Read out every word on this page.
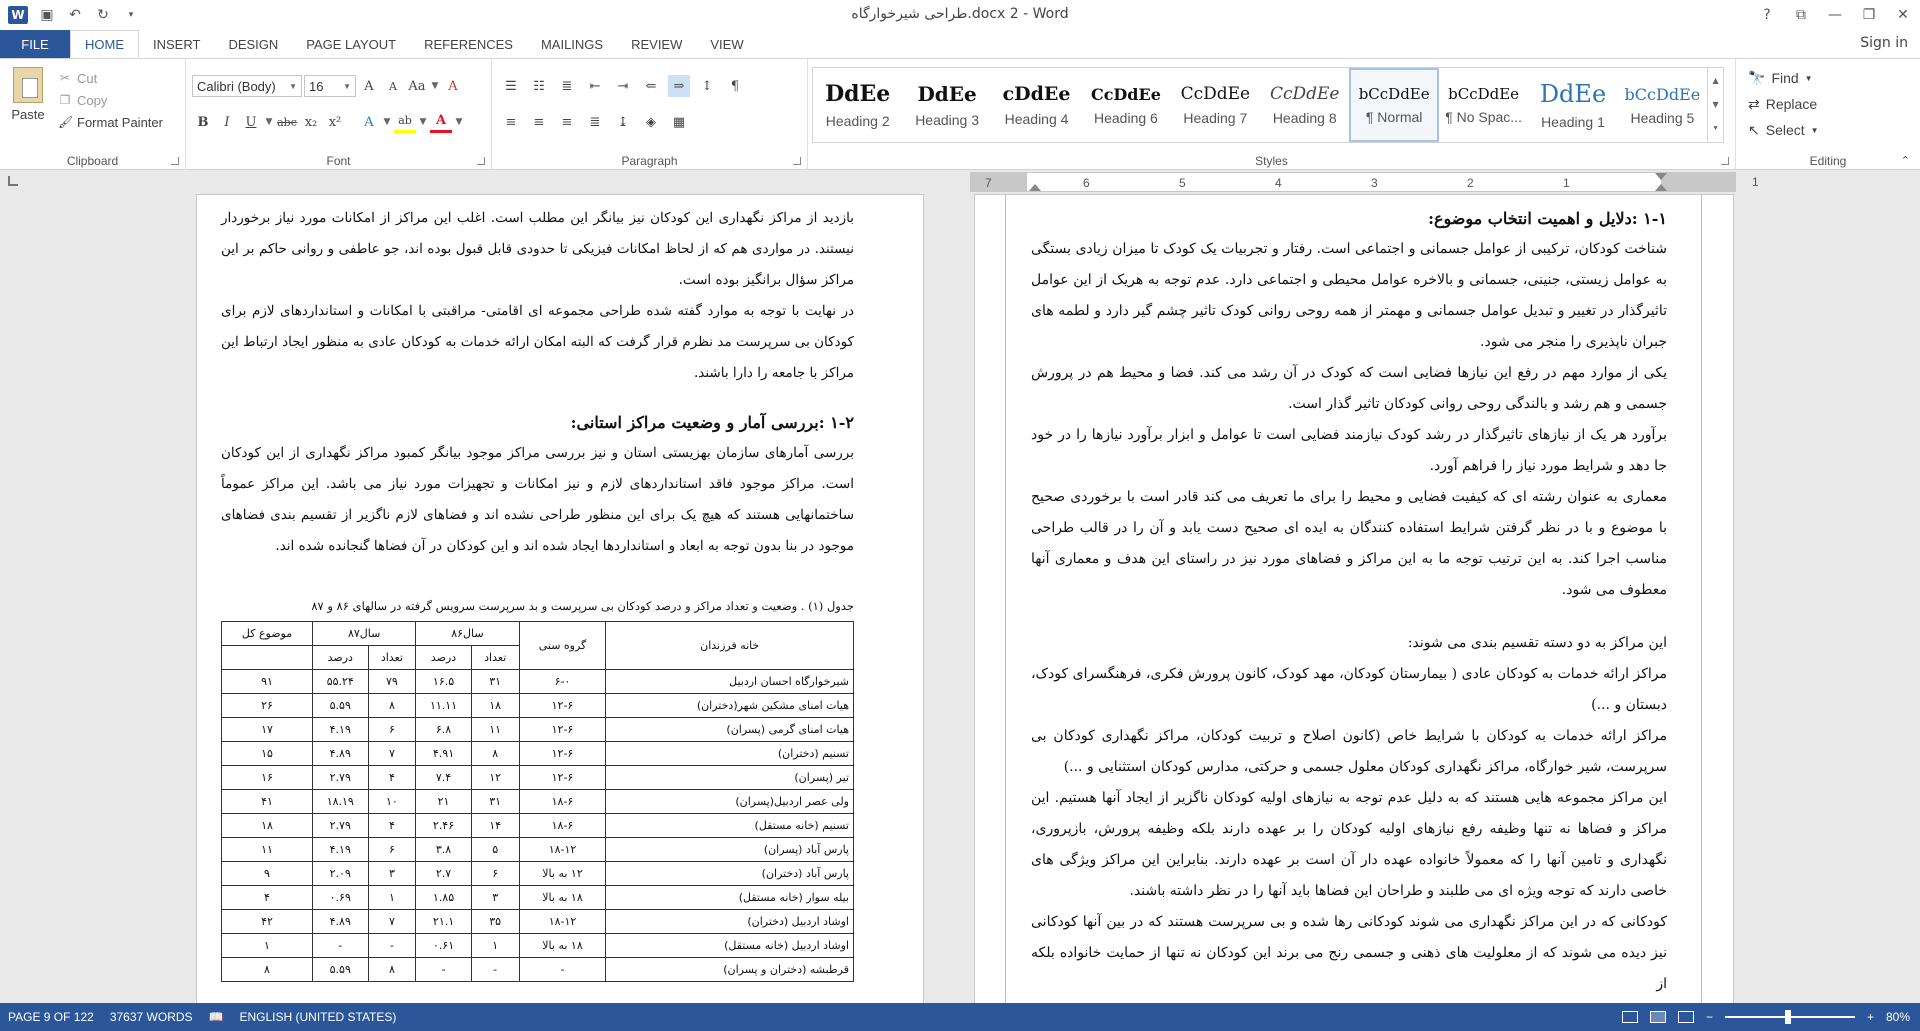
W ▣ ↶ ↻	▾	طراحی شیرخوارگاه.docx 2 - Word	?	⧉	—	❐	✕
FILE	HOME	INSERT	DESIGN	PAGE LAYOUT	REFERENCES	MAILINGS	REVIEW	VIEW	Sign in
Paste
✂ Cut
❐ Copy
🖌 Format Painter
Clipboard
Calibri (Body) ▼ 16 ▼	A	A Aa ▼ A
B	I	U	▼ abc x₂ x²	A	▼ ab ▼ A	▼
Font
☰	☷	≣	⇤	⇥	⇐	⇒	↕	¶
≡	≡	≡	≣	↨	◈	▦
Paragraph
DdEe
Heading 2
DdEe
Heading 3
cDdEe
Heading 4
CcDdEe
Heading 6
CcDdEe
Heading 7
CcDdEe
Heading 8
bCcDdEe
¶ Normal
bCcDdEe
¶ No Spac...
DdEe
Heading 1
bCcDdEe
Heading 5
▲
▼
⯆
Styles
🔭 Find ▼
⇄ Replace
↖ Select ▼
Editing	⌃
7	6	5	4	3	2	1	1

بازدید از مراکز نگهداری این کودکان نیز بیانگر این مطلب است. اغلب این مراکز از امکانات مورد نیاز برخوردار نیستند. در مواردی هم که از لحاظ امکانات فیزیکی تا حدودی قابل قبول بوده اند، جو عاطفی و روانی حاکم بر این مراکز سؤال برانگیز بوده است.

در نهایت با توجه به موارد گفته شده طراحی مجموعه ای اقامتی- مراقبتی با امکانات و استانداردهای لازم برای کودکان بی سرپرست مد نظرم قرار گرفت که البته امکان ارائه خدمات به کودکان عادی به منظور ایجاد ارتباط این مراکز با جامعه را دارا باشند.

۱-۲ :بررسی آمار و وضعیت مراکز استانی:

بررسی آمارهای سازمان بهزیستی استان و نیز بررسی مراکز موجود بیانگر کمبود مراکز نگهداری از این کودکان است. مراکز موجود فاقد استانداردهای لازم و نیز امکانات و تجهیزات مورد نیاز می باشد. این مراکز عموماً ساختمانهایی هستند که هیچ یک برای این منظور طراحی نشده اند و فضاهای لازم ناگزیر از تقسیم بندی فضاهای موجود در بنا بدون توجه به ابعاد و استانداردها ایجاد شده اند و این کودکان در آن فضاها گنجانده شده اند.

جدول (۱) . وضعیت و تعداد مراکز و درصد کودکان بی سرپرست و بد سرپرست سرویس گرفته در سالهای ۸۶ و ۸۷
خانه فرزندان	گروه سنی	سال۸۶		سال۸۷		موضوع کل
		تعداد	درصد	تعداد	درصد	
شیرخوارگاه احسان اردبیل	۶-۰	۳۱	۱۶.۵	۷۹	۵۵.۲۴	۹۱
هیات امنای مشکین شهر(دختران)	۱۲-۶	۱۸	۱۱.۱۱	۸	۵.۵۹	۲۶
هیات امنای گرمی (پسران)	۱۲-۶	۱۱	۶.۸	۶	۴.۱۹	۱۷
تسنیم (دختران)	۱۲-۶	۸	۴.۹۱	۷	۴.۸۹	۱۵
تیر (پسران)	۱۲-۶	۱۲	۷.۴	۴	۲.۷۹	۱۶
ولی عصر اردبیل(پسران)	۱۸-۶	۳۱	۲۱	۱۰	۱۸.۱۹	۴۱
تسنیم (خانه مستقل)	۱۸-۶	۱۴	۲.۴۶	۴	۲.۷۹	۱۸
پارس آباد (پسران)	۱۸-۱۲	۵	۳.۸	۶	۴.۱۹	۱۱
پارس آباد (دختران)	۱۲ به بالا	۶	۲.۷	۳	۲.۰۹	۹
بیله سوار (خانه مستقل)	۱۸ به بالا	۳	۱.۸۵	۱	۰.۶۹	۴
اوشاد اردبیل (دختران)	۱۸-۱۲	۳۵	۲۱.۱	۷	۴.۸۹	۴۲
اوشاد اردبیل (خانه مستقل)	۱۸ به بالا	۱	۰.۶۱	-	-	۱
قرطبشه (دختران و پسران)	-	-	-	۸	۵.۵۹	۸

۱-۱ :دلایل و اهمیت انتخاب موضوع:

شناخت کودکان، ترکیبی از عوامل جسمانی و اجتماعی است. رفتار و تجربیات یک کودک تا میزان زیادی بستگی به عوامل زیستی، جنینی، جسمانی و بالاخره عوامل محیطی و اجتماعی دارد. عدم توجه به هریک از این عوامل تاثیرگذار در تغییر و تبدیل عوامل جسمانی و مهمتر از همه روحی روانی کودک تاثیر چشم گیر دارد و لطمه های جبران ناپذیری را منجر می شود.

یکی از موارد مهم در رفع این نیازها فضایی است که کودک در آن رشد می کند. فضا و محیط هم در پرورش جسمی و هم رشد و بالندگی روحی روانی کودکان تاثیر گذار است.

برآورد هر یک از نیازهای تاثیرگذار در رشد کودک نیازمند فضایی است تا عوامل و ابزار برآورد نیازها را در خود جا دهد و شرایط مورد نیاز را فراهم آورد.

معماری به عنوان رشته ای که کیفیت فضایی و محیط را برای ما تعریف می کند قادر است با برخوردی صحیح با موضوع و با در نظر گرفتن شرایط استفاده کنندگان به ایده ای صحیح دست یابد و آن را در قالب طراحی مناسب اجرا کند. به این ترتیب توجه ما به این مراکز و فضاهای مورد نیز در راستای این هدف و معماری آنها معطوف می شود.

این مراکز به دو دسته تقسیم بندی می شوند:

مراکز ارائه خدمات به کودکان عادی ( بیمارستان کودکان، مهد کودک، کانون پرورش فکری، فرهنگسرای کودک، دبستان و ...)

مراکز ارائه خدمات به کودکان با شرایط خاص (کانون اصلاح و تربیت کودکان، مراکز نگهداری کودکان بی سرپرست، شیر خوارگاه، مراکز نگهداری کودکان معلول جسمی و حرکتی، مدارس کودکان استثنایی و ...)

این مراکز مجموعه هایی هستند که به دلیل عدم توجه به نیازهای اولیه کودکان ناگزیر از ایجاد آنها هستیم. این مراکز و فضاها نه تنها وظیفه رفع نیازهای اولیه کودکان را بر عهده دارند بلکه وظیفه پرورش، بازپروری، نگهداری و تامین آنها را که معمولاً خانواده عهده دار آن است بر عهده دارند. بنابراین این مراکز ویژگی های خاصی دارند که توجه ویژه ای می طلبند و طراحان این فضاها باید آنها را در نظر داشته باشند.

کودکانی که در این مراکز نگهداری می شوند کودکانی رها شده و بی سرپرست هستند که در بین آنها کودکانی نیز دیده می شوند که از معلولیت های ذهنی و جسمی رنج می برند این کودکان نه تنها از حمایت خانواده بلکه از

PAGE 9 OF 122	37637 WORDS	📖	ENGLISH (UNITED STATES)	−	+ 80%
